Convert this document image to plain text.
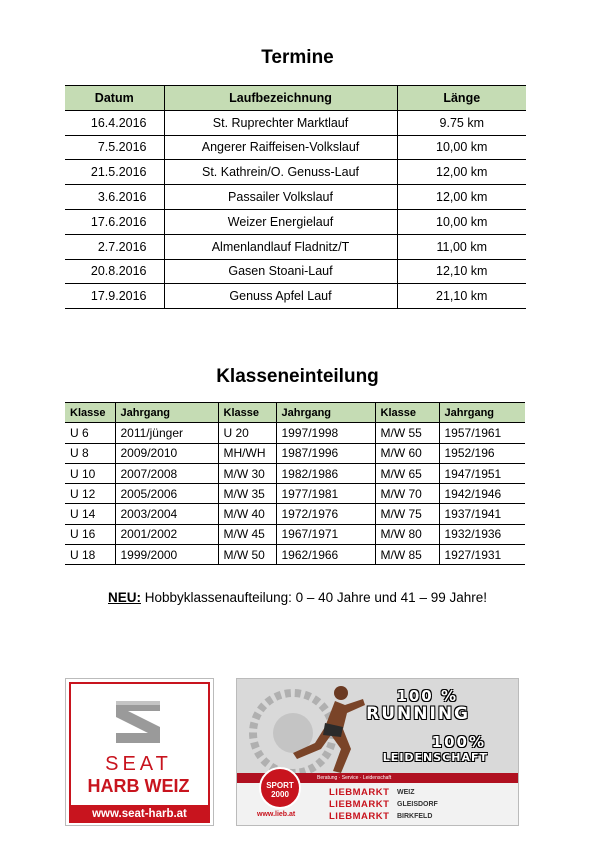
Termine
Datum	Laufbezeichnung	Länge
16.4.2016	St. Ruprechter Marktlauf	9.75 km
7.5.2016	Angerer Raiffeisen-Volkslauf	10,00 km
21.5.2016	St. Kathrein/O. Genuss-Lauf	12,00 km
3.6.2016	Passailer Volkslauf	12,00 km
17.6.2016	Weizer Energielauf	10,00 km
2.7.2016	Almenlandlauf Fladnitz/T	11,00 km
20.8.2016	Gasen Stoani-Lauf	12,10 km
17.9.2016	Genuss Apfel Lauf	21,10 km
Klasseneinteilung
Klasse	Jahrgang	Klasse	Jahrgang	Klasse	Jahrgang
U 6	2011/jünger	U 20	1997/1998	M/W 55	1957/1961
U 8	2009/2010	MH/WH	1987/1996	M/W 60	1952/196
U 10	2007/2008	M/W 30	1982/1986	M/W 65	1947/1951
U 12	2005/2006	M/W 35	1977/1981	M/W 70	1942/1946
U 14	2003/2004	M/W 40	1972/1976	M/W 75	1937/1941
U 16	2001/2002	M/W 45	1967/1971	M/W 80	1932/1936
U 18	1999/2000	M/W 50	1962/1966	M/W 85	1927/1931
NEU: Hobbyklassenaufteilung: 0 – 40 Jahre und 41 – 99 Jahre!
SEAT
HARB WEIZ
www.seat-harb.at
100 %
RUNNING
100%
LEIDENSCHAFT
Beratung · Service · Leidenschaft
SPORT 2000
www.lieb.at
LIEBMARKT
LIEBMARKT
LIEBMARKT
WEIZ
GLEISDORF
BIRKFELD
